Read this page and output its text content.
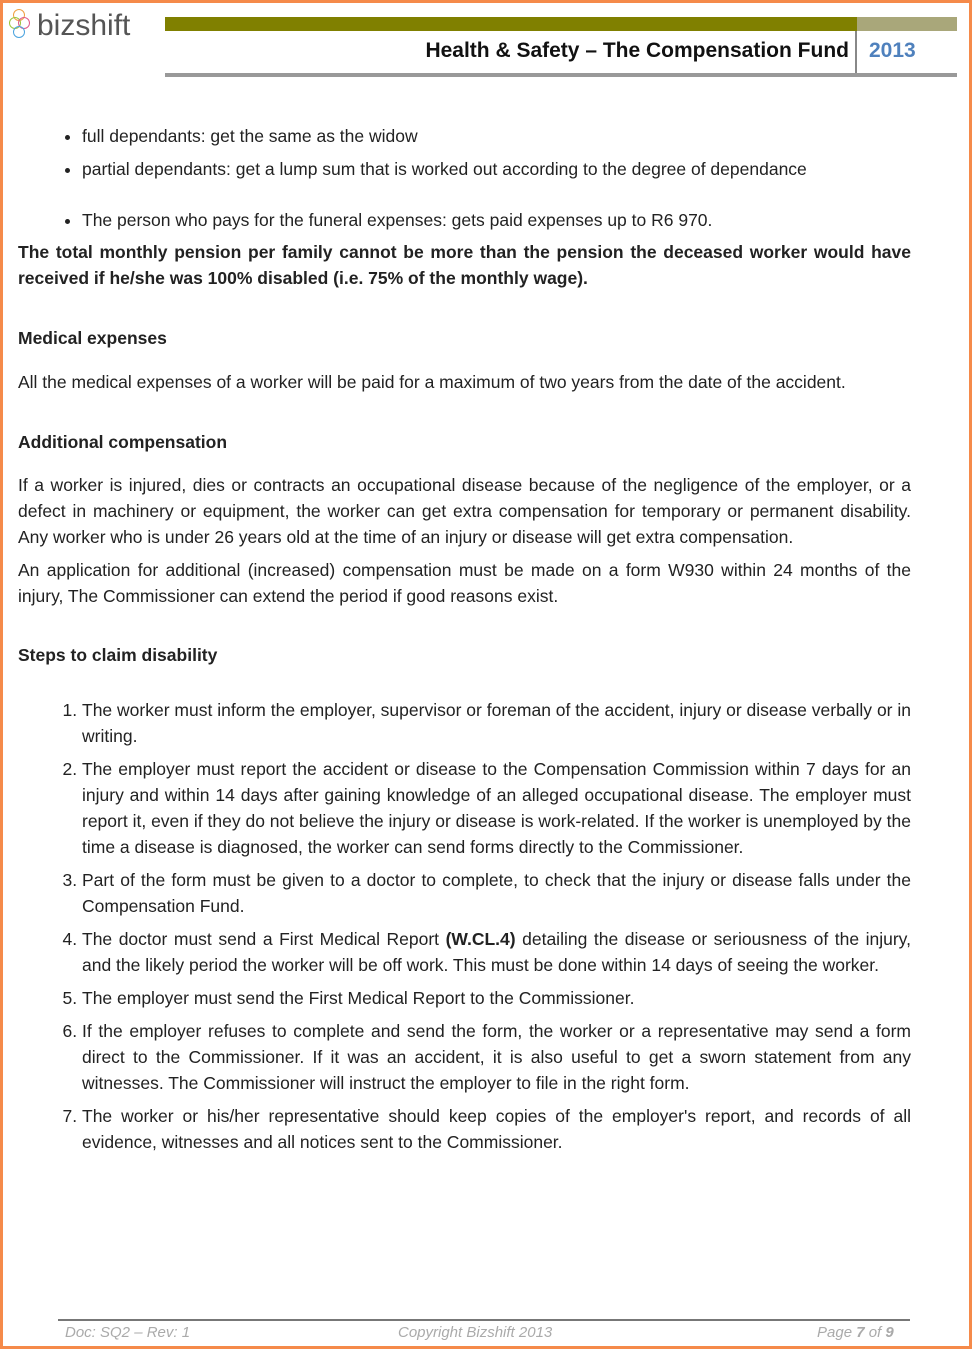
bizshift
Health & Safety – The Compensation Fund 2013
• full dependants: get the same as the widow
• partial dependants: get a lump sum that is worked out according to the degree of dependance
• The person who pays for the funeral expenses: gets paid expenses up to R6 970.

The total monthly pension per family cannot be more than the pension the deceased worker would have received if he/she was 100% disabled (i.e. 75% of the monthly wage).

Medical expenses

All the medical expenses of a worker will be paid for a maximum of two years from the date of the accident.

Additional compensation

If a worker is injured, dies or contracts an occupational disease because of the negligence of the employer, or a defect in machinery or equipment, the worker can get extra compensation for temporary or permanent disability. Any worker who is under 26 years old at the time of an injury or disease will get extra compensation.

An application for additional (increased) compensation must be made on a form W930 within 24 months of the injury, The Commissioner can extend the period if good reasons exist.

Steps to claim disability

1. The worker must inform the employer, supervisor or foreman of the accident, injury or disease verbally or in writing.
2. The employer must report the accident or disease to the Compensation Commission within 7 days for an injury and within 14 days after gaining knowledge of an alleged occupational disease. The employer must report it, even if they do not believe the injury or disease is work-related. If the worker is unemployed by the time a disease is diagnosed, the worker can send forms directly to the Commissioner.
3. Part of the form must be given to a doctor to complete, to check that the injury or disease falls under the Compensation Fund.
4. The doctor must send a First Medical Report (W.CL.4) detailing the disease or seriousness of the injury, and the likely period the worker will be off work. This must be done within 14 days of seeing the worker.
5. The employer must send the First Medical Report to the Commissioner.
6. If the employer refuses to complete and send the form, the worker or a representative may send a form direct to the Commissioner. If it was an accident, it is also useful to get a sworn statement from any witnesses. The Commissioner will instruct the employer to file in the right form.
7. The worker or his/her representative should keep copies of the employer's report, and records of all evidence, witnesses and all notices sent to the Commissioner.
Doc: SQ2 – Rev: 1	Copyright Bizshift 2013	Page 7 of 9
